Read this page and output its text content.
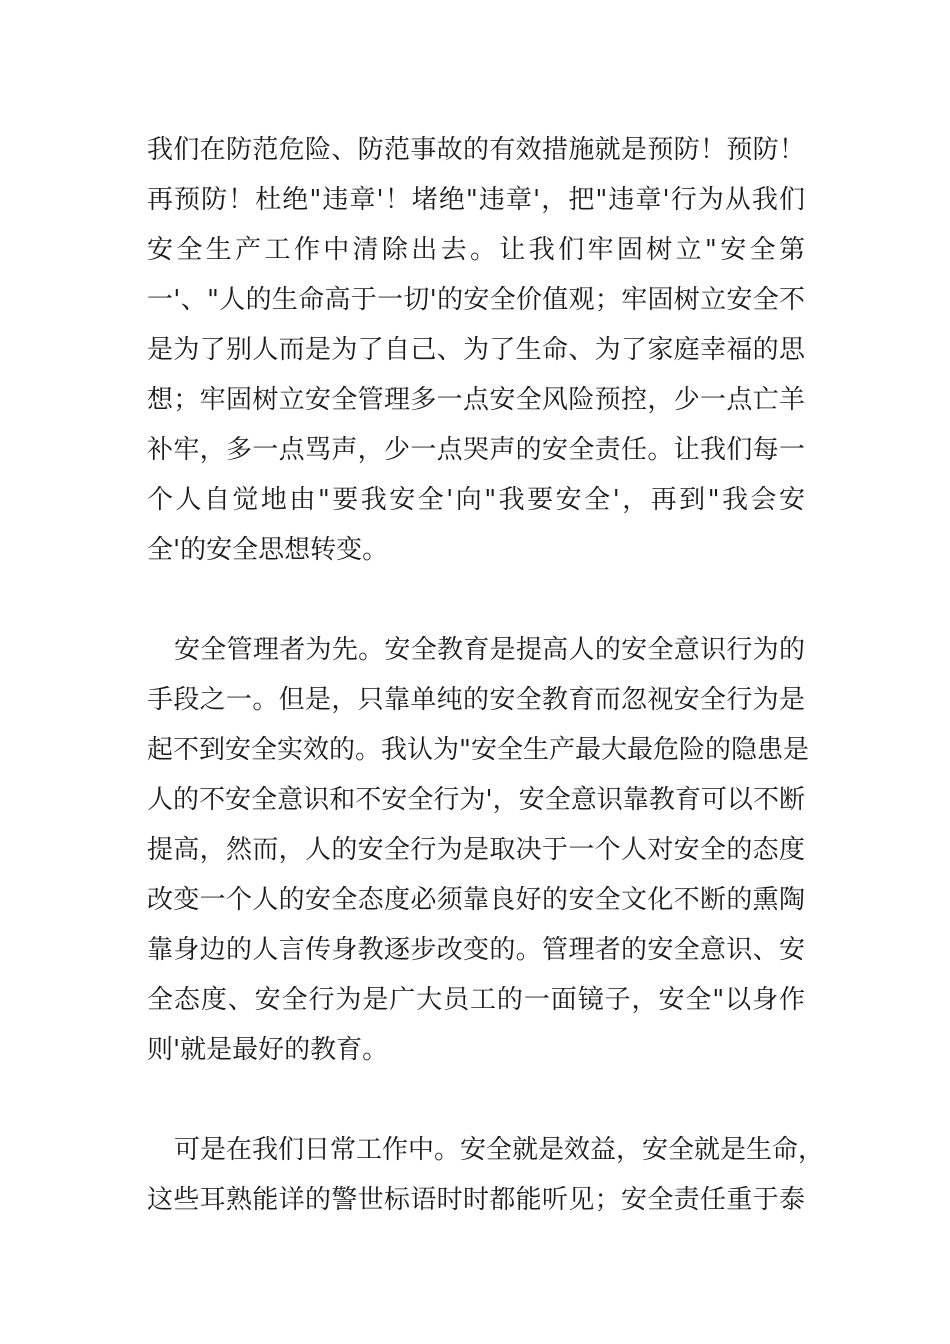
我们在防范危险、防范事故的有效措施就是预防！预防！
再预防！杜绝"违章'！堵绝"违章'，把"违章'行为从我们
安全生产工作中清除出去。让我们牢固树立"安全第
一'、"人的生命高于一切'的安全价值观；牢固树立安全不
是为了别人而是为了自己、为了生命、为了家庭幸福的思
想；牢固树立安全管理多一点安全风险预控，少一点亡羊
补牢，多一点骂声，少一点哭声的安全责任。让我们每一
个人自觉地由"要我安全'向"我要安全'，再到"我会安
全'的安全思想转变。
安全管理者为先。安全教育是提高人的安全意识行为的
手段之一。但是，只靠单纯的安全教育而忽视安全行为是
起不到安全实效的。我认为"安全生产最大最危险的隐患是
人的不安全意识和不安全行为'，安全意识靠教育可以不断
提高，然而，人的安全行为是取决于一个人对安全的态度
改变一个人的安全态度必须靠良好的安全文化不断的熏陶
靠身边的人言传身教逐步改变的。管理者的安全意识、安
全态度、安全行为是广大员工的一面镜子，安全"以身作
则'就是最好的教育。
可是在我们日常工作中。安全就是效益，安全就是生命，
这些耳熟能详的警世标语时时都能听见；安全责任重于泰
